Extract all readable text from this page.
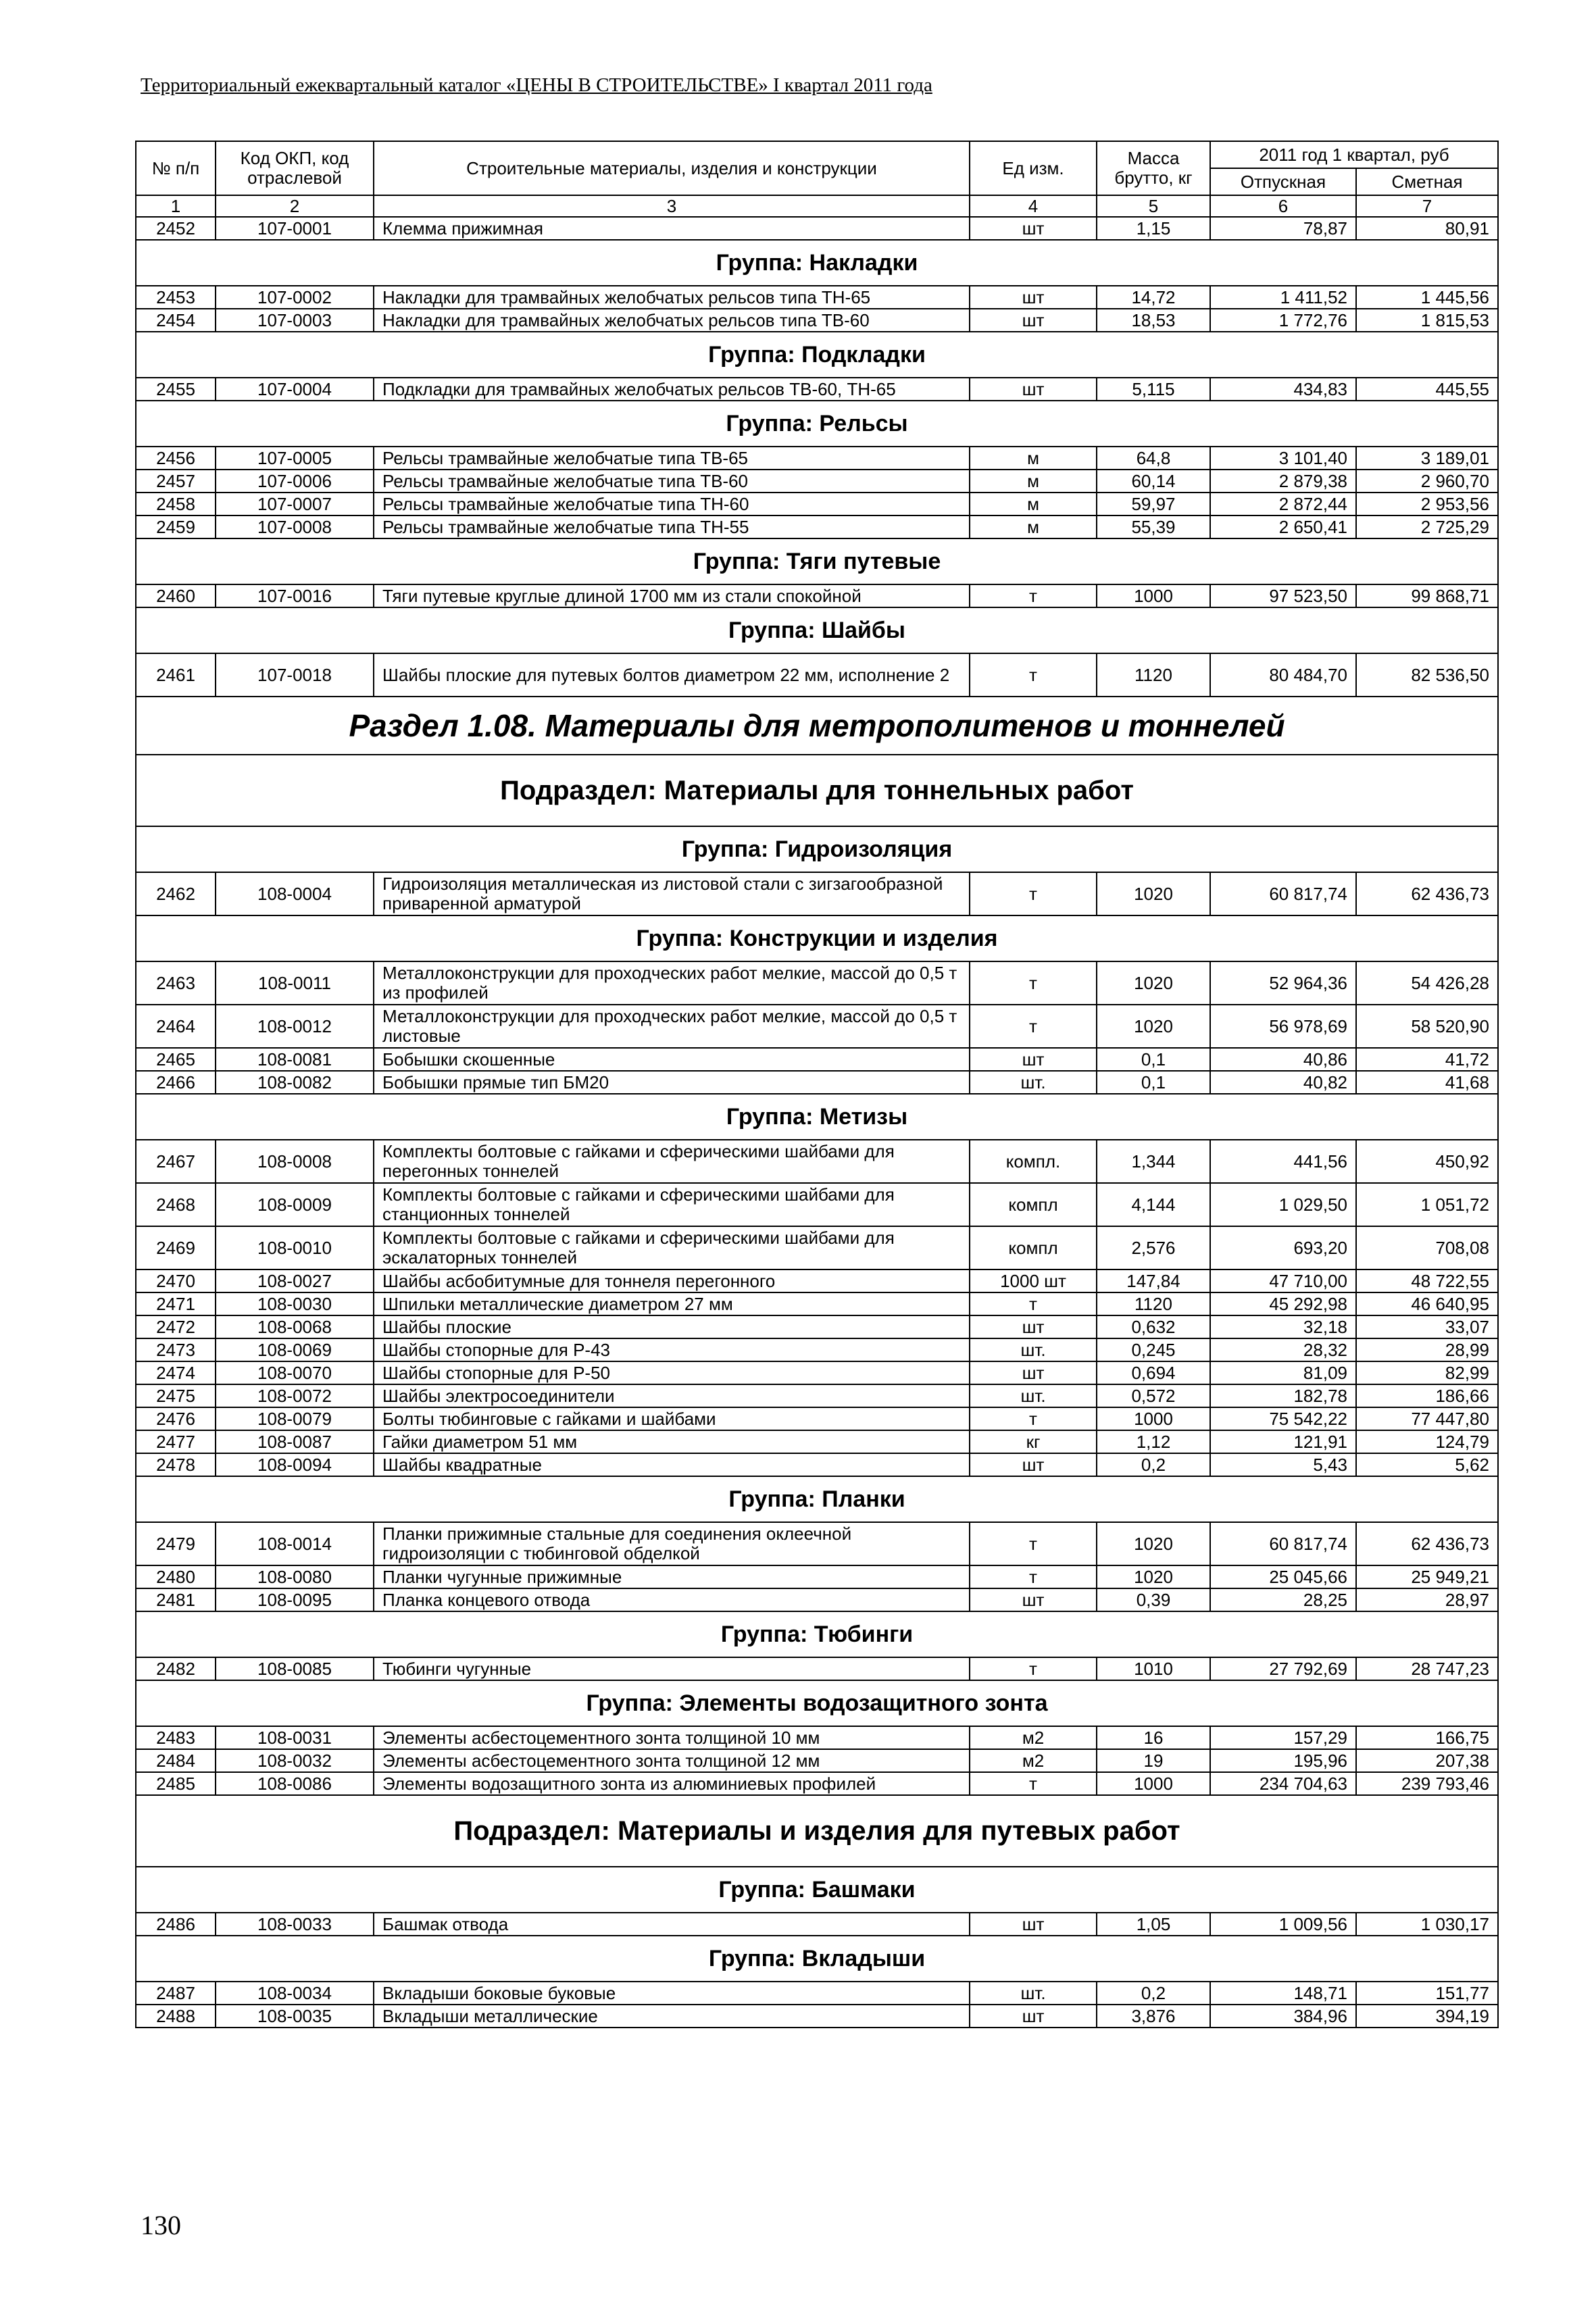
Территориальный ежеквартальный каталог «ЦЕНЫ В СТРОИТЕЛЬСТВЕ» I квартал 2011 года
№ п/п	Код ОКП, код отраслевой	Строительные материалы, изделия и конструкции	Ед изм.	Масса брутто, кг	2011 год 1 квартал, руб	
					Отпускная	Сметная
1	2	3	4	5	6	7
2452	107-0001	Клемма прижимная	шт	1,15	78,87	80,91
Группа: Накладки						
2453	107-0002	Накладки для трамвайных желобчатых рельсов типа ТН-65	шт	14,72	1 411,52	1 445,56
2454	107-0003	Накладки для трамвайных желобчатых рельсов типа ТВ-60	шт	18,53	1 772,76	1 815,53
Группа: Подкладки						
2455	107-0004	Подкладки для трамвайных желобчатых рельсов ТВ-60, ТН-65	шт	5,115	434,83	445,55
Группа: Рельсы						
2456	107-0005	Рельсы трамвайные желобчатые типа ТВ-65	м	64,8	3 101,40	3 189,01
2457	107-0006	Рельсы трамвайные желобчатые типа ТВ-60	м	60,14	2 879,38	2 960,70
2458	107-0007	Рельсы трамвайные желобчатые типа ТН-60	м	59,97	2 872,44	2 953,56
2459	107-0008	Рельсы трамвайные желобчатые типа ТН-55	м	55,39	2 650,41	2 725,29
Группа: Тяги путевые						
2460	107-0016	Тяги путевые круглые длиной 1700 мм из стали спокойной	т	1000	97 523,50	99 868,71
Группа: Шайбы						
2461	107-0018	Шайбы плоские для путевых болтов диаметром 22 мм, исполнение 2	т	1120	80 484,70	82 536,50
Раздел 1.08. Материалы для метрополитенов и тоннелей						
Подраздел: Материалы для тоннельных работ						
Группа: Гидроизоляция						
2462	108-0004	Гидроизоляция металлическая из листовой стали с зигзагообразной приваренной арматурой	т	1020	60 817,74	62 436,73
Группа: Конструкции и изделия						
2463	108-0011	Металлоконструкции для проходческих работ мелкие, массой до 0,5 т из профилей	т	1020	52 964,36	54 426,28
2464	108-0012	Металлоконструкции для проходческих работ мелкие, массой до 0,5 т листовые	т	1020	56 978,69	58 520,90
2465	108-0081	Бобышки скошенные	шт	0,1	40,86	41,72
2466	108-0082	Бобышки прямые тип БМ20	шт.	0,1	40,82	41,68
Группа: Метизы						
2467	108-0008	Комплекты болтовые с гайками и сферическими шайбами для перегонных тоннелей	компл.	1,344	441,56	450,92
2468	108-0009	Комплекты болтовые с гайками и сферическими шайбами для станционных тоннелей	компл	4,144	1 029,50	1 051,72
2469	108-0010	Комплекты болтовые с гайками и сферическими шайбами для эскалаторных тоннелей	компл	2,576	693,20	708,08
2470	108-0027	Шайбы асбобитумные для тоннеля перегонного	1000 шт	147,84	47 710,00	48 722,55
2471	108-0030	Шпильки металлические диаметром 27 мм	т	1120	45 292,98	46 640,95
2472	108-0068	Шайбы плоские	шт	0,632	32,18	33,07
2473	108-0069	Шайбы стопорные для Р-43	шт.	0,245	28,32	28,99
2474	108-0070	Шайбы стопорные для Р-50	шт	0,694	81,09	82,99
2475	108-0072	Шайбы электросоединители	шт.	0,572	182,78	186,66
2476	108-0079	Болты тюбинговые с гайками и шайбами	т	1000	75 542,22	77 447,80
2477	108-0087	Гайки диаметром 51 мм	кг	1,12	121,91	124,79
2478	108-0094	Шайбы квадратные	шт	0,2	5,43	5,62
Группа: Планки						
2479	108-0014	Планки прижимные стальные для соединения оклеечной гидроизоляции с тюбинговой обделкой	т	1020	60 817,74	62 436,73
2480	108-0080	Планки чугунные прижимные	т	1020	25 045,66	25 949,21
2481	108-0095	Планка концевого отвода	шт	0,39	28,25	28,97
Группа: Тюбинги						
2482	108-0085	Тюбинги чугунные	т	1010	27 792,69	28 747,23
Группа: Элементы водозащитного зонта						
2483	108-0031	Элементы асбестоцементного зонта толщиной 10 мм	м2	16	157,29	166,75
2484	108-0032	Элементы асбестоцементного зонта толщиной 12 мм	м2	19	195,96	207,38
2485	108-0086	Элементы водозащитного зонта из алюминиевых профилей	т	1000	234 704,63	239 793,46
Подраздел: Материалы и изделия для путевых работ						
Группа: Башмаки						
2486	108-0033	Башмак отвода	шт	1,05	1 009,56	1 030,17
Группа: Вкладыши						
2487	108-0034	Вкладыши боковые буковые	шт.	0,2	148,71	151,77
2488	108-0035	Вкладыши металлические	шт	3,876	384,96	394,19
130
